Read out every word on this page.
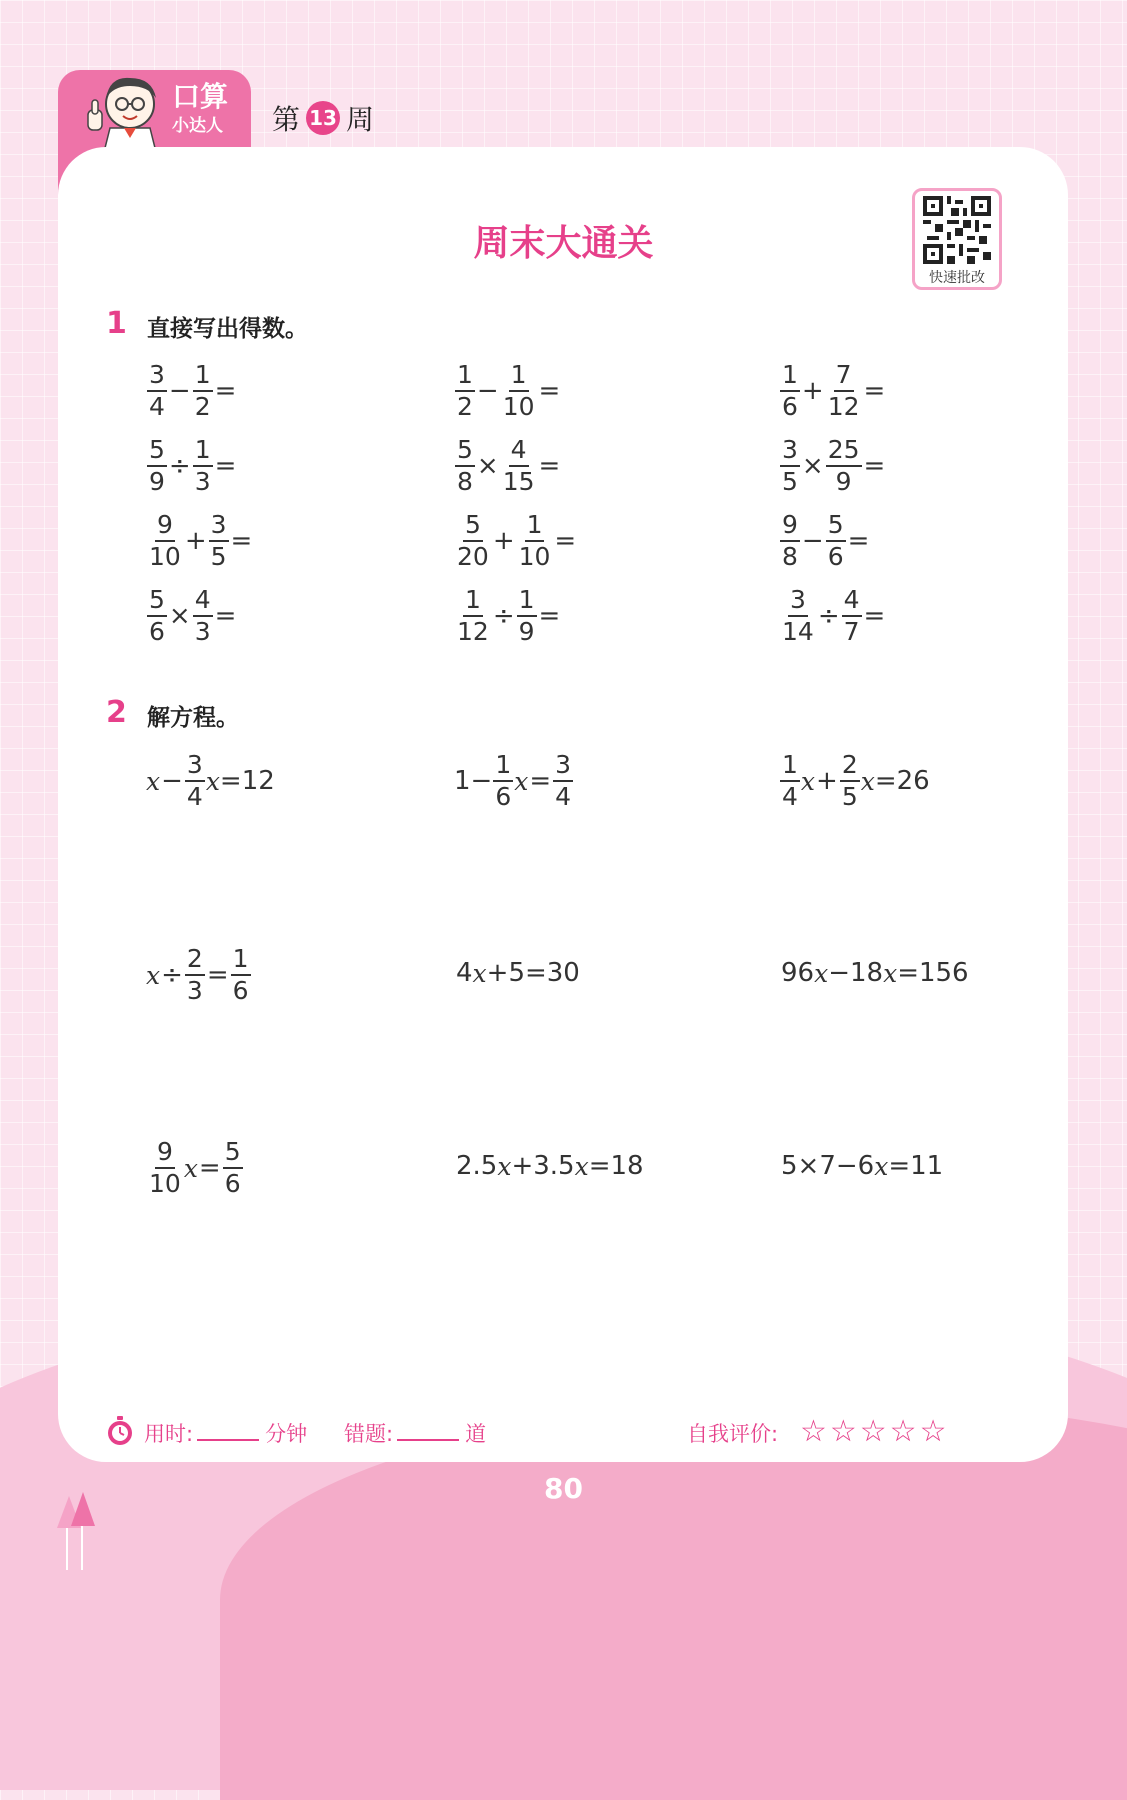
口算
小达人 第 13 周
周末大通关
快速批改
1 直接写出得数。
$\frac{3}{4} - \frac{1}{2}$ =	$\frac{1}{2} - \frac{1}{10}$ =	$\frac{1}{6} + \frac{7}{12}$ =
$\frac{5}{9} \div \frac{1}{3}$ =	$\frac{5}{8} \times \frac{4}{15}$ =	$\frac{3}{5} \times \frac{25}{9}$ =
$\frac{9}{10} + \frac{3}{5}$ =	$\frac{5}{20} + \frac{1}{10}$ =	$\frac{9}{8} - \frac{5}{6}$ =
$\frac{5}{6} \times \frac{4}{3}$ =	$\frac{1}{12} \div \frac{1}{9}$ =	$\frac{3}{14} \div \frac{4}{7}$ =
2 解方程。
$x - \frac{3}{4}$ x =12	$1- \frac{1}{6}$ $x = \frac{3}{4}$	$\frac{1}{4}$ $x + \frac{2}{5}$ x =26
$x \div \frac{2}{3} = \frac{1}{6}$	4 x +5=30	96 x −18 x =156
$\frac{9}{10}$ $x = \frac{5}{6}$	2.5 x +3.5 x =18	5×7−6 x =11
用时:	分钟 错题:	道	自我评价: ☆☆☆☆☆
80
